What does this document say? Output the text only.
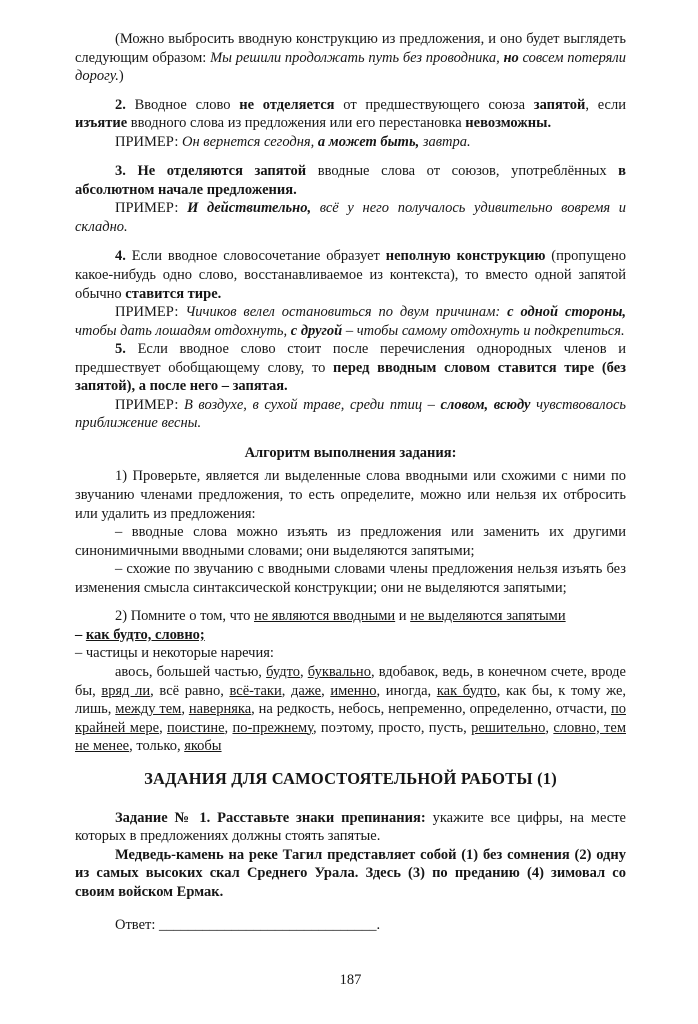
(Можно выбросить вводную конструкцию из предложения, и оно будет выглядеть следующим образом: Мы решили продолжать путь без проводника, но совсем потеряли дорогу.)

2. Вводное слово не отделяется от предшествующего союза запятой, если изъятие вводного слова из предложения или его перестановка невозможны.

ПРИМЕР: Он вернется сегодня, а может быть, завтра.

3. Не отделяются запятой вводные слова от союзов, употреблённых в абсолютном начале предложения.

ПРИМЕР: И действительно, всё у него получалось удивительно вовремя и складно.

4. Если вводное словосочетание образует неполную конструкцию (пропущено какое-нибудь одно слово, восстанавливаемое из контекста), то вместо одной запятой обычно ставится тире.

ПРИМЕР: Чичиков велел остановиться по двум причинам: с одной стороны, чтобы дать лошадям отдохнуть, с другой – чтобы самому отдохнуть и подкрепиться.

5. Если вводное слово стоит после перечисления однородных членов и предшествует обобщающему слову, то перед вводным словом ставится тире (без запятой), а после него – запятая.

ПРИМЕР: В воздухе, в сухой траве, среди птиц – словом, всюду чувствовалось приближение весны.

Алгоритм выполнения задания:

1) Проверьте, является ли выделенные слова вводными или схожими с ними по звучанию членами предложения, то есть определите, можно или нельзя их отбросить или удалить из предложения:

– вводные слова можно изъять из предложения или заменить их другими синонимичными вводными словами; они выделяются запятыми;

– схожие по звучанию с вводными словами члены предложения нельзя изъять без изменения смысла синтаксической конструкции; они не выделяются запятыми;

2) Помните о том, что не являются вводными и не выделяются запятыми

– как будто, словно;

– частицы и некоторые наречия:

авось, большей частью, будто, буквально, вдобавок, ведь, в конечном счете, вроде бы, вряд ли, всё равно, всё-таки, даже, именно, иногда, как будто, как бы, к тому же, лишь, между тем, наверняка, на редкость, небось, непременно, определенно, отчасти, по крайней мере, поистине, по-прежнему, поэтому, просто, пусть, решительно, словно, тем не менее, только, якобы

ЗАДАНИЯ ДЛЯ САМОСТОЯТЕЛЬНОЙ РАБОТЫ (1)

Задание № 1. Расставьте знаки препинания: укажите все цифры, на месте которых в предложениях должны стоять запятые.

Медведь-камень на реке Тагил представляет собой (1) без сомнения (2) одну из самых высоких скал Среднего Урала. Здесь (3) по преданию (4) зимовал со своим войском Ермак.

Ответ: ______________________________.

187
